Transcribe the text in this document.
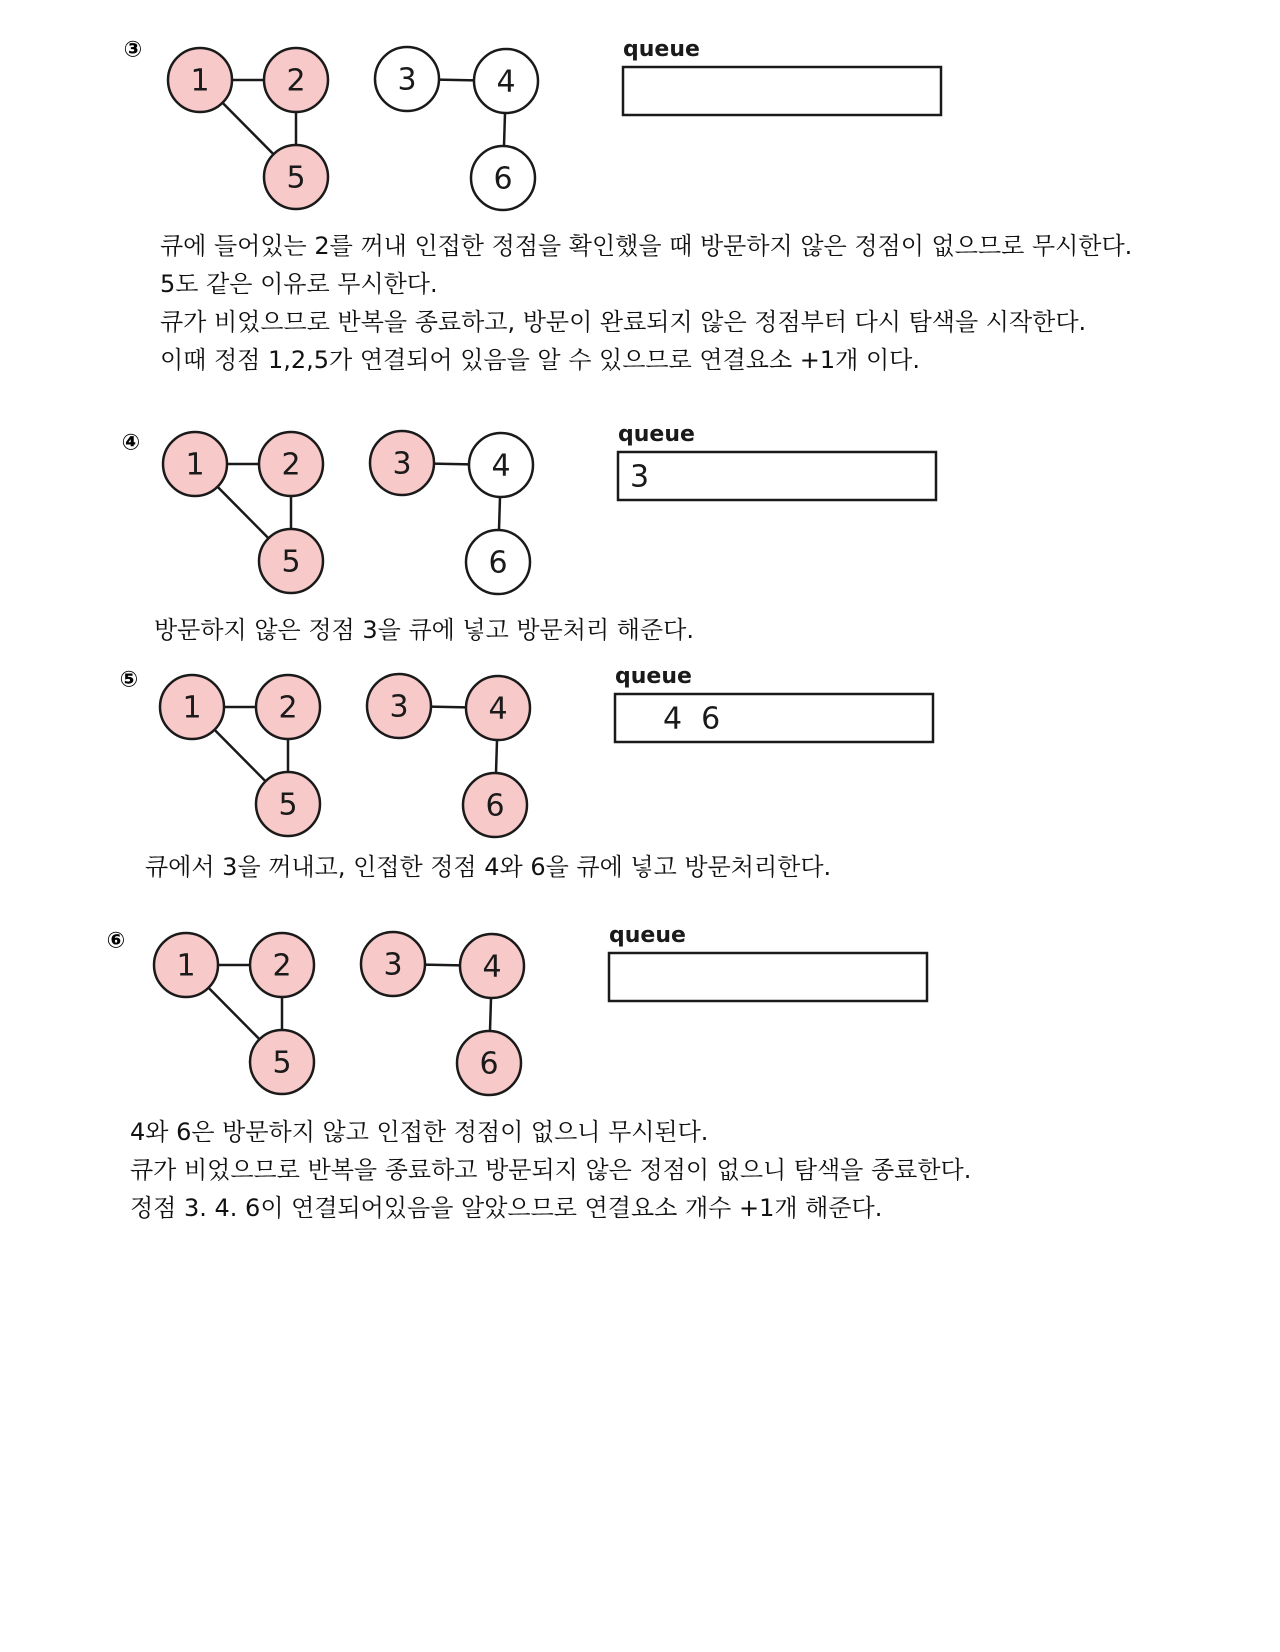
③
1	2
5
3	4
6
queue
④
1	2
5
3	4
6
queue
3
⑤
1	2
5
3	4
6
queue
4  6
⑥
1	2
5
3	4
6
queue

큐에 들어있는 2를 꺼내 인접한 정점을 확인했을 때 방문하지 않은 정점이 없으므로 무시한다.

5도 같은 이유로 무시한다.

큐가 비었으므로 반복을 종료하고, 방문이 완료되지 않은 정점부터 다시 탐색을 시작한다.

이때 정점 1,2,5가 연결되어 있음을 알 수 있으므로 연결요소 +1개 이다.

방문하지 않은 정점 3을 큐에 넣고 방문처리 해준다.

큐에서 3을 꺼내고, 인접한 정점 4와 6을 큐에 넣고 방문처리한다.

4와 6은 방문하지 않고 인접한 정점이 없으니 무시된다.

큐가 비었으므로 반복을 종료하고 방문되지 않은 정점이 없으니 탐색을 종료한다.

정점 3. 4. 6이 연결되어있음을 알았으므로 연결요소 개수 +1개 해준다.
